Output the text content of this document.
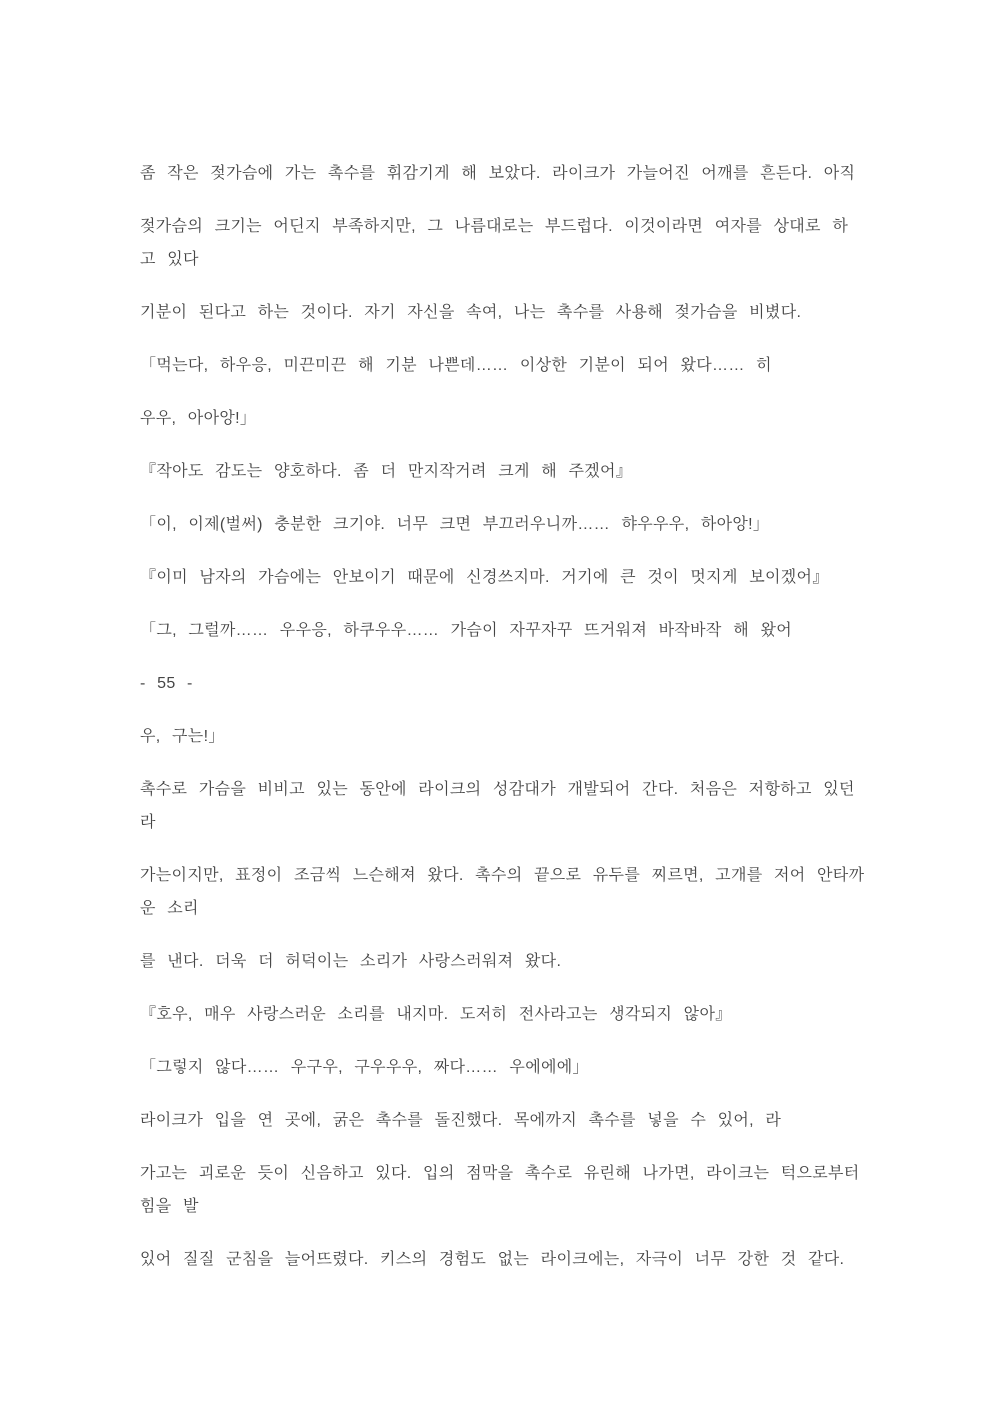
좀 작은 젖가슴에 가는 촉수를 휘감기게 해 보았다. 라이크가 가늘어진 어깨를 흔든다. 아직
젖가슴의 크기는 어딘지 부족하지만, 그 나름대로는 부드럽다. 이것이라면 여자를 상대로 하
고 있다
기분이 된다고 하는 것이다. 자기 자신을 속여, 나는 촉수를 사용해 젖가슴을 비볐다.
「먹는다, 하우응, 미끈미끈 해 기분 나쁜데…… 이상한 기분이 되어 왔다…… 히
우우, 아아앙!」
『작아도 감도는 양호하다. 좀 더 만지작거려 크게 해 주겠어』
「이, 이제(벌써) 충분한 크기야. 너무 크면 부끄러우니까…… 햐우우우, 하아앙!」
『이미 남자의 가슴에는 안보이기 때문에 신경쓰지마. 거기에 큰 것이 멋지게 보이겠어』
「그, 그럴까…… 우우응, 하쿠우우…… 가슴이 자꾸자꾸 뜨거워져 바작바작 해 왔어
- 55 -
우, 구는!」
촉수로 가슴을 비비고 있는 동안에 라이크의 성감대가 개발되어 간다. 처음은 저항하고 있던
라
가는이지만, 표정이 조금씩 느슨해져 왔다. 촉수의 끝으로 유두를 찌르면, 고개를 저어 안타까
운 소리
를 낸다. 더욱 더 허덕이는 소리가 사랑스러워져 왔다.
『호우, 매우 사랑스러운 소리를 내지마. 도저히 전사라고는 생각되지 않아』
「그렇지 않다…… 우구우, 구우우우, 짜다…… 우에에에」
라이크가 입을 연 곳에, 굵은 촉수를 돌진했다. 목에까지 촉수를 넣을 수 있어, 라
가고는 괴로운 듯이 신음하고 있다. 입의 점막을 촉수로 유린해 나가면, 라이크는 턱으로부터
힘을 발
있어 질질 군침을 늘어뜨렸다. 키스의 경험도 없는 라이크에는, 자극이 너무 강한 것 같다.
